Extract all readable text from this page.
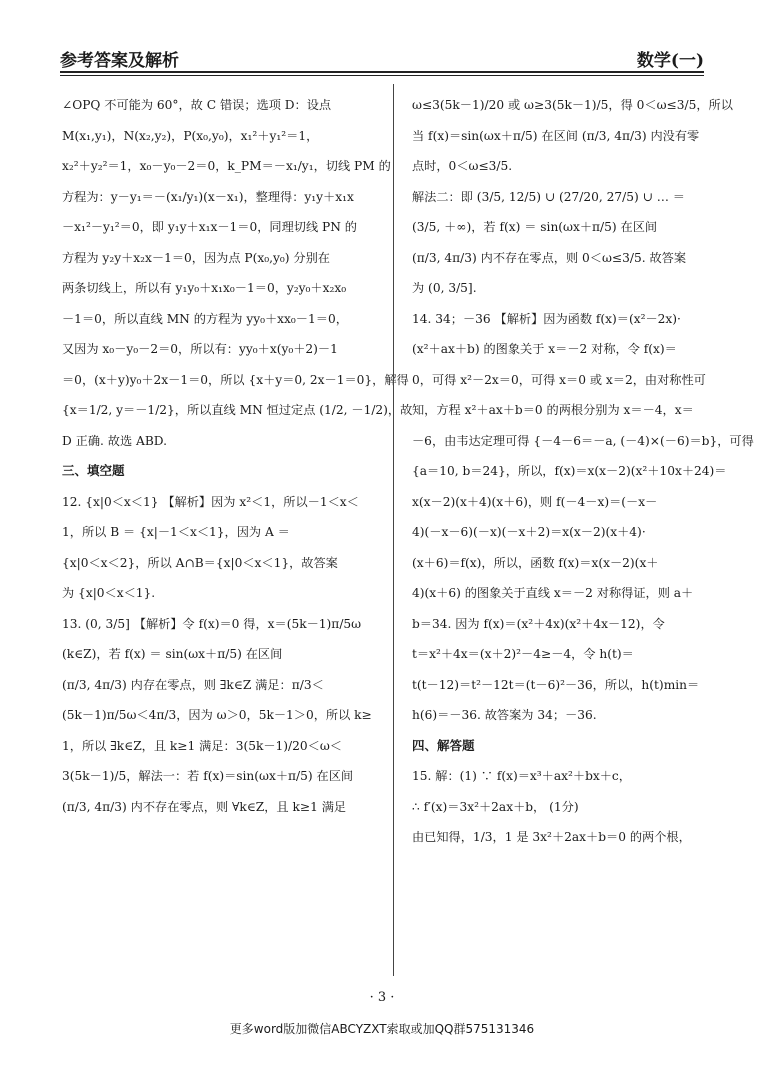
参考答案及解析	数学(一)

∠OPQ 不可能为 60°，故 C 错误；选项 D：设点

M(x₁,y₁)，N(x₂,y₂)，P(x₀,y₀)，x₁²＋y₁²＝1，

x₂²＋y₂²＝1，x₀－y₀－2＝0，k_PM＝－x₁/y₁，切线 PM 的

方程为：y－y₁＝－(x₁/y₁)(x－x₁)，整理得：y₁y＋x₁x

－x₁²－y₁²＝0，即 y₁y＋x₁x－1＝0，同理切线 PN 的

方程为 y₂y＋x₂x－1＝0，因为点 P(x₀,y₀) 分别在

两条切线上，所以有 y₁y₀＋x₁x₀－1＝0，y₂y₀＋x₂x₀

－1＝0，所以直线 MN 的方程为 yy₀＋xx₀－1＝0，

又因为 x₀－y₀－2＝0，所以有：yy₀＋x(y₀＋2)－1

＝0，(x＋y)y₀＋2x－1＝0，所以 {x＋y＝0, 2x－1＝0}，解得

{x＝1/2, y＝－1/2}，所以直线 MN 恒过定点 (1/2, －1/2)，故

D 正确. 故选 ABD.

三、填空题

12. {x|0＜x＜1} 【解析】因为 x²＜1，所以－1＜x＜

1，所以 B ＝ {x|－1＜x＜1}，因为 A ＝

{x|0＜x＜2}，所以 A∩B＝{x|0＜x＜1}，故答案

为 {x|0＜x＜1}.

13. (0, 3/5] 【解析】令 f(x)＝0 得，x＝(5k－1)π/5ω

(k∈Z)，若 f(x) ＝ sin(ωx＋π/5) 在区间

(π/3, 4π/3) 内存在零点，则 ∃k∈Z 满足：π/3＜

(5k－1)π/5ω＜4π/3，因为 ω＞0，5k－1＞0，所以 k≥

1，所以 ∃k∈Z，且 k≥1 满足：3(5k－1)/20＜ω＜

3(5k－1)/5，解法一：若 f(x)＝sin(ωx＋π/5) 在区间

(π/3, 4π/3) 内不存在零点，则 ∀k∈Z，且 k≥1 满足

ω≤3(5k－1)/20 或 ω≥3(5k－1)/5，得 0＜ω≤3/5，所以

当 f(x)＝sin(ωx＋π/5) 在区间 (π/3, 4π/3) 内没有零

点时，0＜ω≤3/5.

解法二：即 (3/5, 12/5) ∪ (27/20, 27/5) ∪ … ＝

(3/5, ＋∞)，若 f(x) ＝ sin(ωx＋π/5) 在区间

(π/3, 4π/3) 内不存在零点，则 0＜ω≤3/5. 故答案

为 (0, 3/5].

14. 34；－36 【解析】因为函数 f(x)＝(x²－2x)·

(x²＋ax＋b) 的图象关于 x＝－2 对称，令 f(x)＝

0，可得 x²－2x＝0，可得 x＝0 或 x＝2，由对称性可

知，方程 x²＋ax＋b＝0 的两根分别为 x＝－4，x＝

－6，由韦达定理可得 {－4－6＝－a, (－4)×(－6)＝b}，可得

{a＝10, b＝24}，所以，f(x)＝x(x－2)(x²＋10x＋24)＝

x(x－2)(x＋4)(x＋6)，则 f(－4－x)＝(－x－

4)(－x－6)(－x)(－x＋2)＝x(x－2)(x＋4)·

(x＋6)＝f(x)，所以，函数 f(x)＝x(x－2)(x＋

4)(x＋6) 的图象关于直线 x＝－2 对称得证，则 a＋

b＝34. 因为 f(x)＝(x²＋4x)(x²＋4x－12)，令

t＝x²＋4x＝(x＋2)²－4≥－4，令 h(t)＝

t(t－12)＝t²－12t＝(t－6)²－36，所以，h(t)min＝

h(6)＝－36. 故答案为 34；－36.

四、解答题

15. 解：(1) ∵ f(x)＝x³＋ax²＋bx＋c，

∴ f′(x)＝3x²＋2ax＋b， (1分)

由已知得，1/3，1 是 3x²＋2ax＋b＝0 的两个根，

· 3 ·
更多word版加微信ABCYZXT索取或加QQ群575131346
